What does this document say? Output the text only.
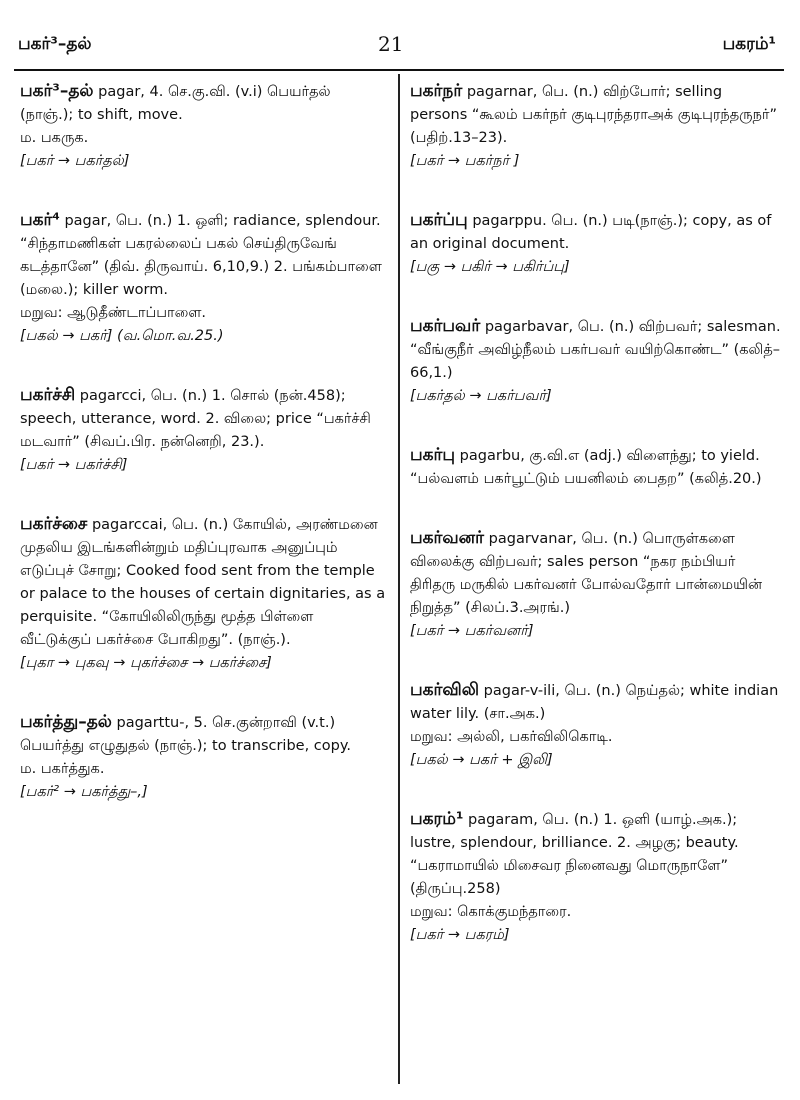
பகர்³–தல்	21	பகரம்¹

பகர்³–தல் pagar, 4. செ.கு.வி. (v.i) பெயர்தல் (நாஞ்.); to shift, move.

ம. பகருக.

[பகர் → பகர்தல்]

பகர்⁴ pagar, பெ. (n.) 1. ஒளி; radiance, splendour. “சிந்தாமணிகள் பகரல்லைப் பகல் செய்திருவேங் கடத்தானே” (திவ். திருவாய். 6,10,9.) 2. பங்கம்பாளை (மலை.); killer worm.

மறுவ: ஆடுதீண்டாப்பாளை.

[பகல் → பகர்] (வ.மொ.வ.25.)

பகர்ச்சி pagarcci, பெ. (n.) 1. சொல் (நன்.458); speech, utterance, word. 2. விலை; price “பகர்ச்சி மடவார்” (சிவப்.பிர. நன்னெறி, 23.).

[பகர் → பகர்ச்சி]

பகர்ச்சை pagarccai, பெ. (n.) கோயில், அரண்மனை முதலிய இடங்களின்றும் மதிப்புரவாக அனுப்பும் எடுப்புச் சோறு; Cooked food sent from the temple or palace to the houses of certain dignitaries, as a perquisite. “கோயிலிலிருந்து மூத்த பிள்ளை வீட்டுக்குப் பகர்ச்சை போகிறது”. (நாஞ்.).

[புகா → புகவு → புகர்ச்சை → பகர்ச்சை]

பகர்த்து–தல் pagarttu-, 5. செ.குன்றாவி (v.t.) பெயர்த்து எழுதுதல் (நாஞ்.); to transcribe, copy.

ம. பகர்த்துக.

[பகர்² → பகர்த்து–,]

பகர்நர் pagarnar, பெ. (n.) விற்போர்; selling persons “கூலம் பகர்நர் குடிபுரந்தராஅக் குடிபுரந்தருநர்” (பதிற்.13–23).

[பகர் → பகர்நர் ]

பகர்ப்பு pagarppu. பெ. (n.) படி(நாஞ்.); copy, as of an original document.

[பகு → பகிர் → பகிர்ப்பு]

பகர்பவர் pagarbavar, பெ. (n.) விற்பவர்; salesman. “வீங்குநீர் அவிழ்நீலம் பகர்பவர் வயிற்கொண்ட” (கலித்–66,1.)

[பகர்தல் → பகர்பவர்]

பகர்பு pagarbu, கு.வி.எ (adj.) விளைந்து; to yield. “பல்வளம் பகர்பூட்டும் பயனிலம் பைதற” (கலித்.20.)

பகர்வனர் pagarvanar, பெ. (n.) பொருள்களை விலைக்கு விற்பவர்; sales person “நகர நம்பியர் திரிதரு மருகில் பகர்வனர் போல்வதோர் பான்மையின் நிறுத்த” (சிலப்.3.அரங்.)

[பகர் → பகர்வனர்]

பகர்விலி pagar-v-ili, பெ. (n.) நெய்தல்; white indian water lily. (சா.அக.)

மறுவ: அல்லி, பகர்விலிகொடி.

[பகல் → பகர் + இலி]

பகரம்¹ pagaram, பெ. (n.) 1. ஒளி (யாழ்.அக.); lustre, splendour, brilliance. 2. அழகு; beauty. “பகராமாயில் மிசைவர நினைவது மொருநாளே” (திருப்பு.258)

மறுவ: கொக்குமந்தாரை.

[பகர் → பகரம்]
